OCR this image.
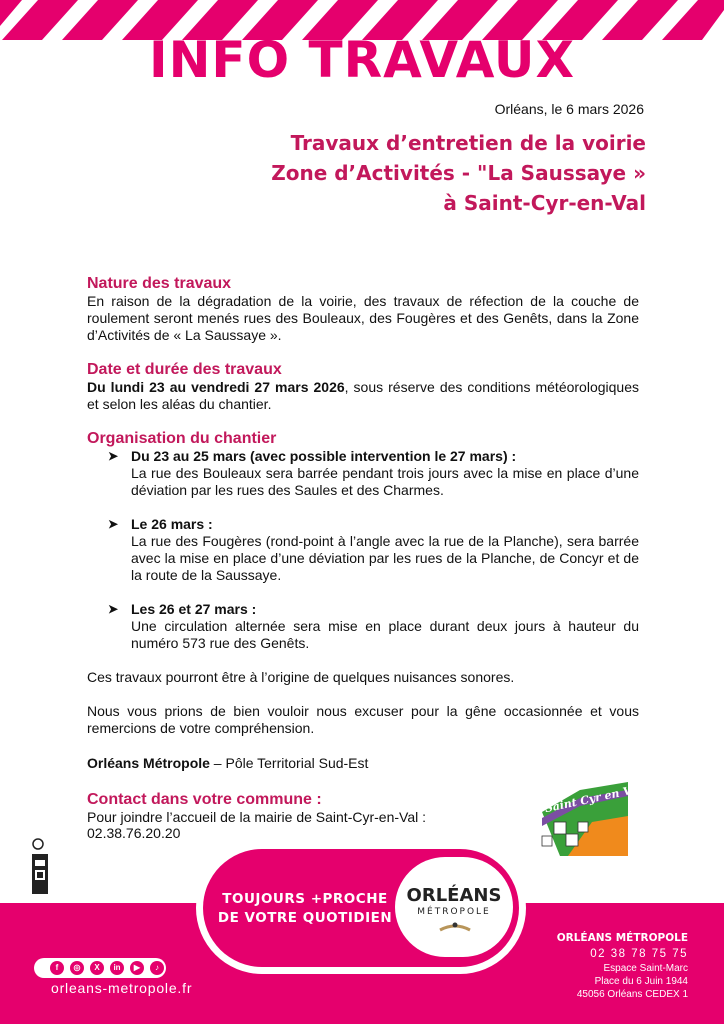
INFO TRAVAUX
Orléans, le 6 mars 2026
Travaux d’entretien de la voirie
Zone d’Activités - "La Saussaye »
à Saint-Cyr-en-Val
Nature des travaux
En raison de la dégradation de la voirie, des travaux de réfection de la couche de roulement seront menés rues des Bouleaux, des Fougères et des Genêts, dans la Zone d’Activités de « La Saussaye ».
Date et durée des travaux
Du lundi 23 au vendredi 27 mars 2026, sous réserve des conditions météorologiques et selon les aléas du chantier.
Organisation du chantier
➤ Du 23 au 25 mars (avec possible intervention le 27 mars) :
La rue des Bouleaux sera barrée pendant trois jours avec la mise en place d’une déviation par les rues des Saules et des Charmes.
➤ Le 26 mars :
La rue des Fougères (rond-point à l’angle avec la rue de la Planche), sera barrée avec la mise en place d’une déviation par les rues de la Planche, de Concyr et de la route de la Saussaye.
➤ Les 26 et 27 mars :
Une circulation alternée sera mise en place durant deux jours à hauteur du numéro 573 rue des Genêts.
Ces travaux pourront être à l’origine de quelques nuisances sonores.
Nous vous prions de bien vouloir nous excuser pour la gêne occasionnée et vous remercions de votre compréhension.
Orléans Métropole – Pôle Territorial Sud-Est
Contact dans votre commune :
Pour joindre l’accueil de la mairie de Saint-Cyr-en-Val :
02.38.76.20.20
Saint Cyr en Val
TOUJOURS +PROCHE
DE VOTRE QUOTIDIEN
ORLÉANS
MÉTROPOLE
f	◎	X	in	▶	♪
orleans-metropole.fr
ORLÉANS MÉTROPOLE
02 38 78 75 75
Espace Saint-Marc
Place du 6 Juin 1944
45056 Orléans CEDEX 1
